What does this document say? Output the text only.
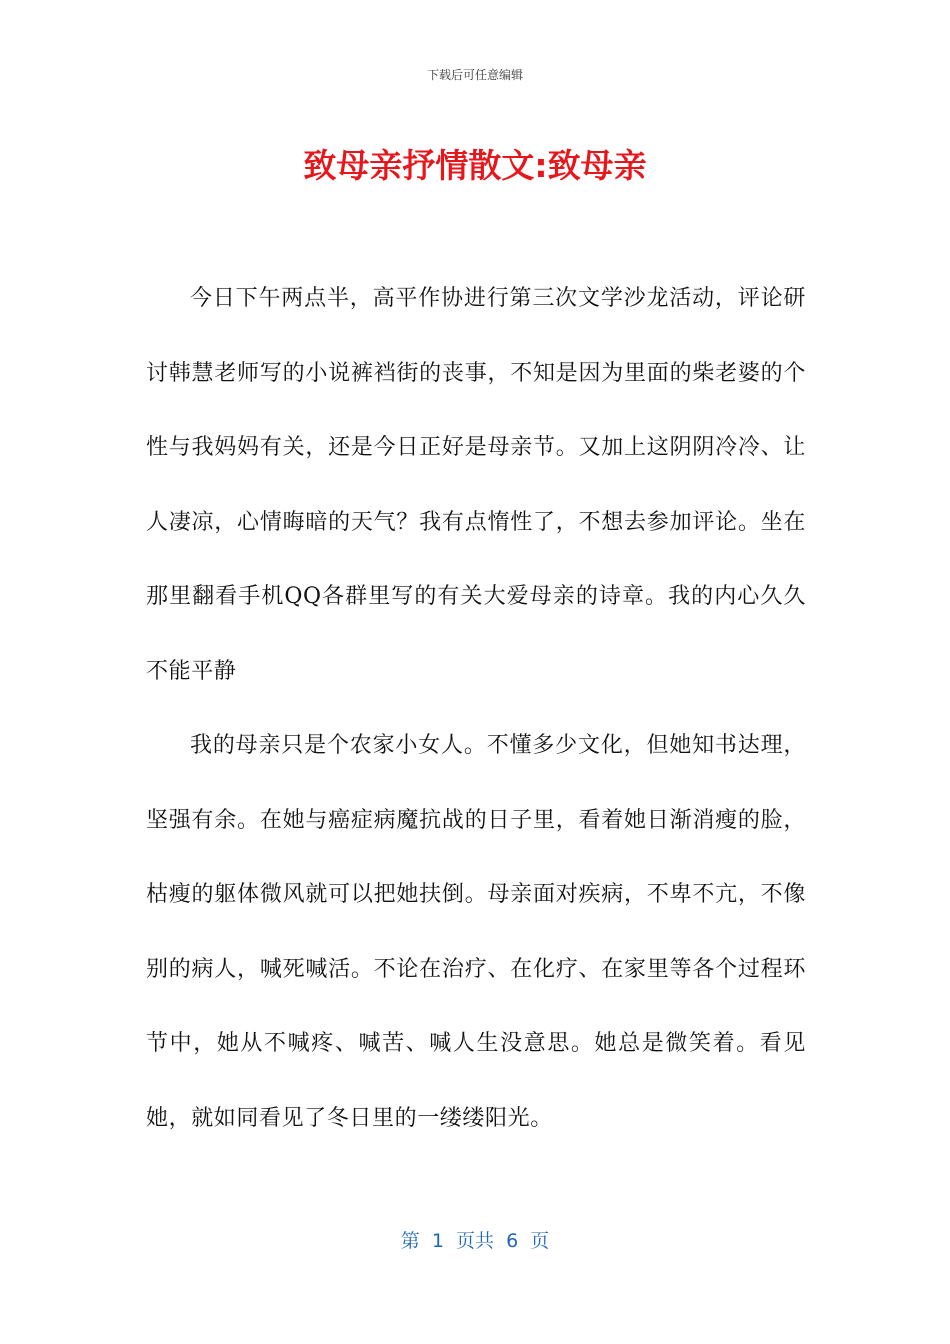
下载后可任意编辑
致母亲抒情散文:致母亲

今日下午两点半，高平作协进行第三次文学沙龙活动，评论研讨韩慧老师写的小说裤裆街的丧事，不知是因为里面的柴老婆的个性与我妈妈有关，还是今日正好是母亲节。又加上这阴阴冷冷、让人凄凉，心情晦暗的天气？我有点惰性了，不想去参加评论。坐在那里翻看手机QQ各群里写的有关大爱母亲的诗章。我的内心久久不能平静

我的母亲只是个农家小女人。不懂多少文化，但她知书达理，坚强有余。在她与癌症病魔抗战的日子里，看着她日渐消瘦的脸，枯瘦的躯体微风就可以把她扶倒。母亲面对疾病，不卑不亢，不像别的病人，喊死喊活。不论在治疗、在化疗、在家里等各个过程环节中，她从不喊疼、喊苦、喊人生没意思。她总是微笑着。看见她，就如同看见了冬日里的一缕缕阳光。

第  1  页共  6  页
